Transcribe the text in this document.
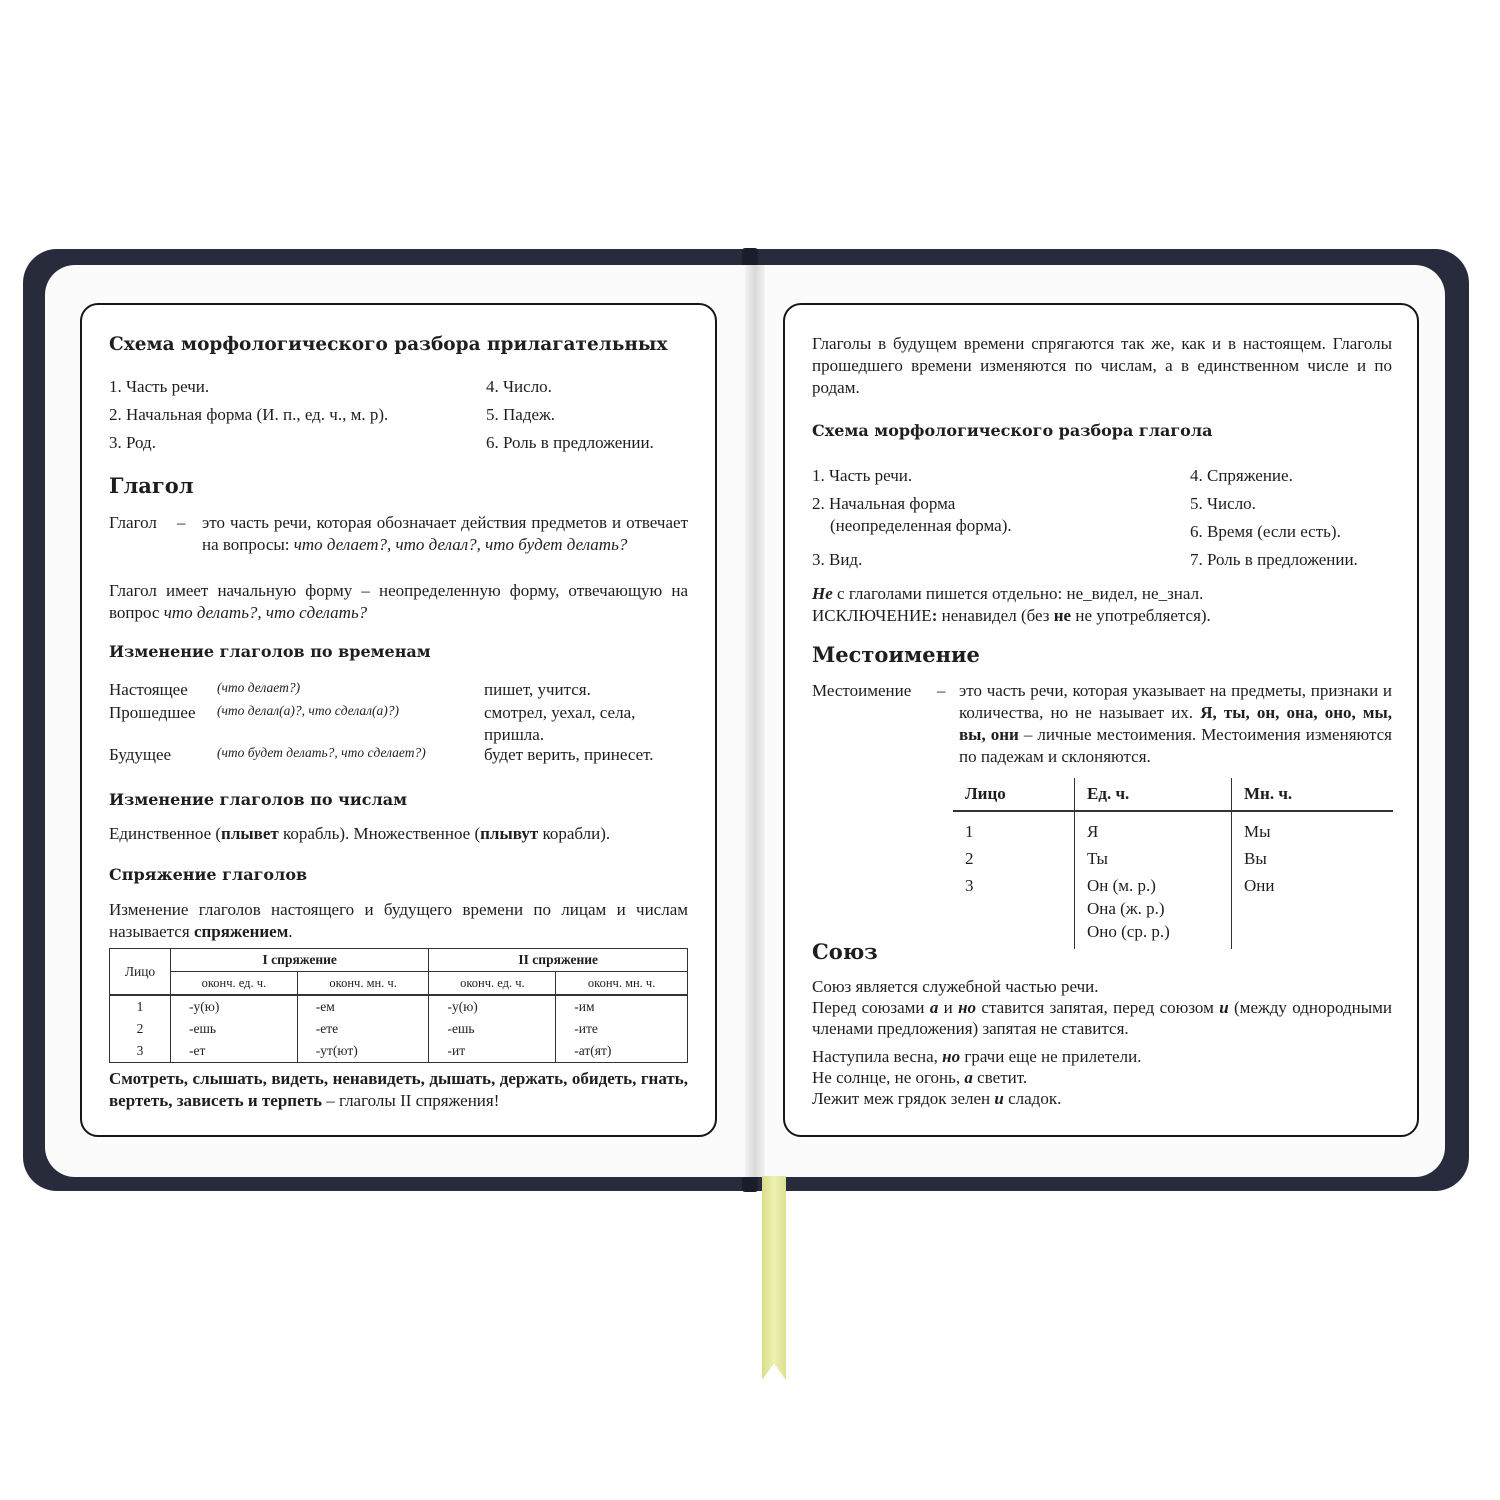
Схема морфологического разбора прилагательных
1. Часть речи.
2. Начальная форма (И. п., ед. ч., м. р).
3. Род.
4. Число.
5. Падеж.
6. Роль в предложении.
Глагол
Глагол – это часть речи, которая обозначает действия предметов и отвечает на вопросы: что делает?, что делал?, что будет делать?
Глагол имеет начальную форму – неопределенную форму, отвечающую на вопрос что делать?, что сделать?
Изменение глаголов по временам
Настоящее (что делает?)	пишет, учится.
Прошедшее (что делал(а)?, что сделал(а)?)	смотрел, уехал, села, пришла.
Будущее	(что будет делать?, что сделает?)	будет верить, принесет.
Изменение глаголов по числам
Единственное (плывет корабль). Множественное (плывут корабли).
Спряжение глаголов
Изменение глаголов настоящего и будущего времени по лицам и числам называется спряжением.
Лицо	I спряжение		II спряжение	
	оконч. ед. ч.	оконч. мн. ч.	оконч. ед. ч.	оконч. мн. ч.
1	-у(ю)	-ем	-у(ю)	-им
2	-ешь	-ете	-ешь	-ите
3	-ет	-ут(ют)	-ит	-ат(ят)
Смотреть, слышать, видеть, ненавидеть, дышать, держать, обидеть, гнать, вертеть, зависеть и терпеть – глаголы II спряжения!
Глаголы в будущем времени спрягаются так же, как и в настоящем. Глаголы прошедшего времени изменяются по числам, а в единственном числе и по родам.
Схема морфологического разбора глагола
1. Часть речи.
2. Начальная форма
(неопределенная форма).
3. Вид.
4. Спряжение.
5. Число.
6. Время (если есть).
7. Роль в предложении.
Не с глаголами пишется отдельно: не_видел, не_знал.
ИСКЛЮЧЕНИЕ: ненавидел (без не не употребляется).
Местоимение
Местоимение – это часть речи, которая указывает на предметы, признаки и количества, но не называет их. Я, ты, он, она, оно, мы, вы, они – личные местоимения. Местоимения изменяются по падежам и склоняются.
Лицо	Ед. ч.	Мн. ч.
1	Я	Мы
2	Ты	Вы
3	Он (м. р.)	Они
	Она (ж. р.)	
	Оно (ср. р.)	
Союз
Союз является служебной частью речи.
Перед союзами а и но ставится запятая, перед союзом и (между однородными членами предложения) запятая не ставится.
Наступила весна, но грачи еще не прилетели.
Не солнце, не огонь, а светит.
Лежит меж грядок зелен и сладок.
